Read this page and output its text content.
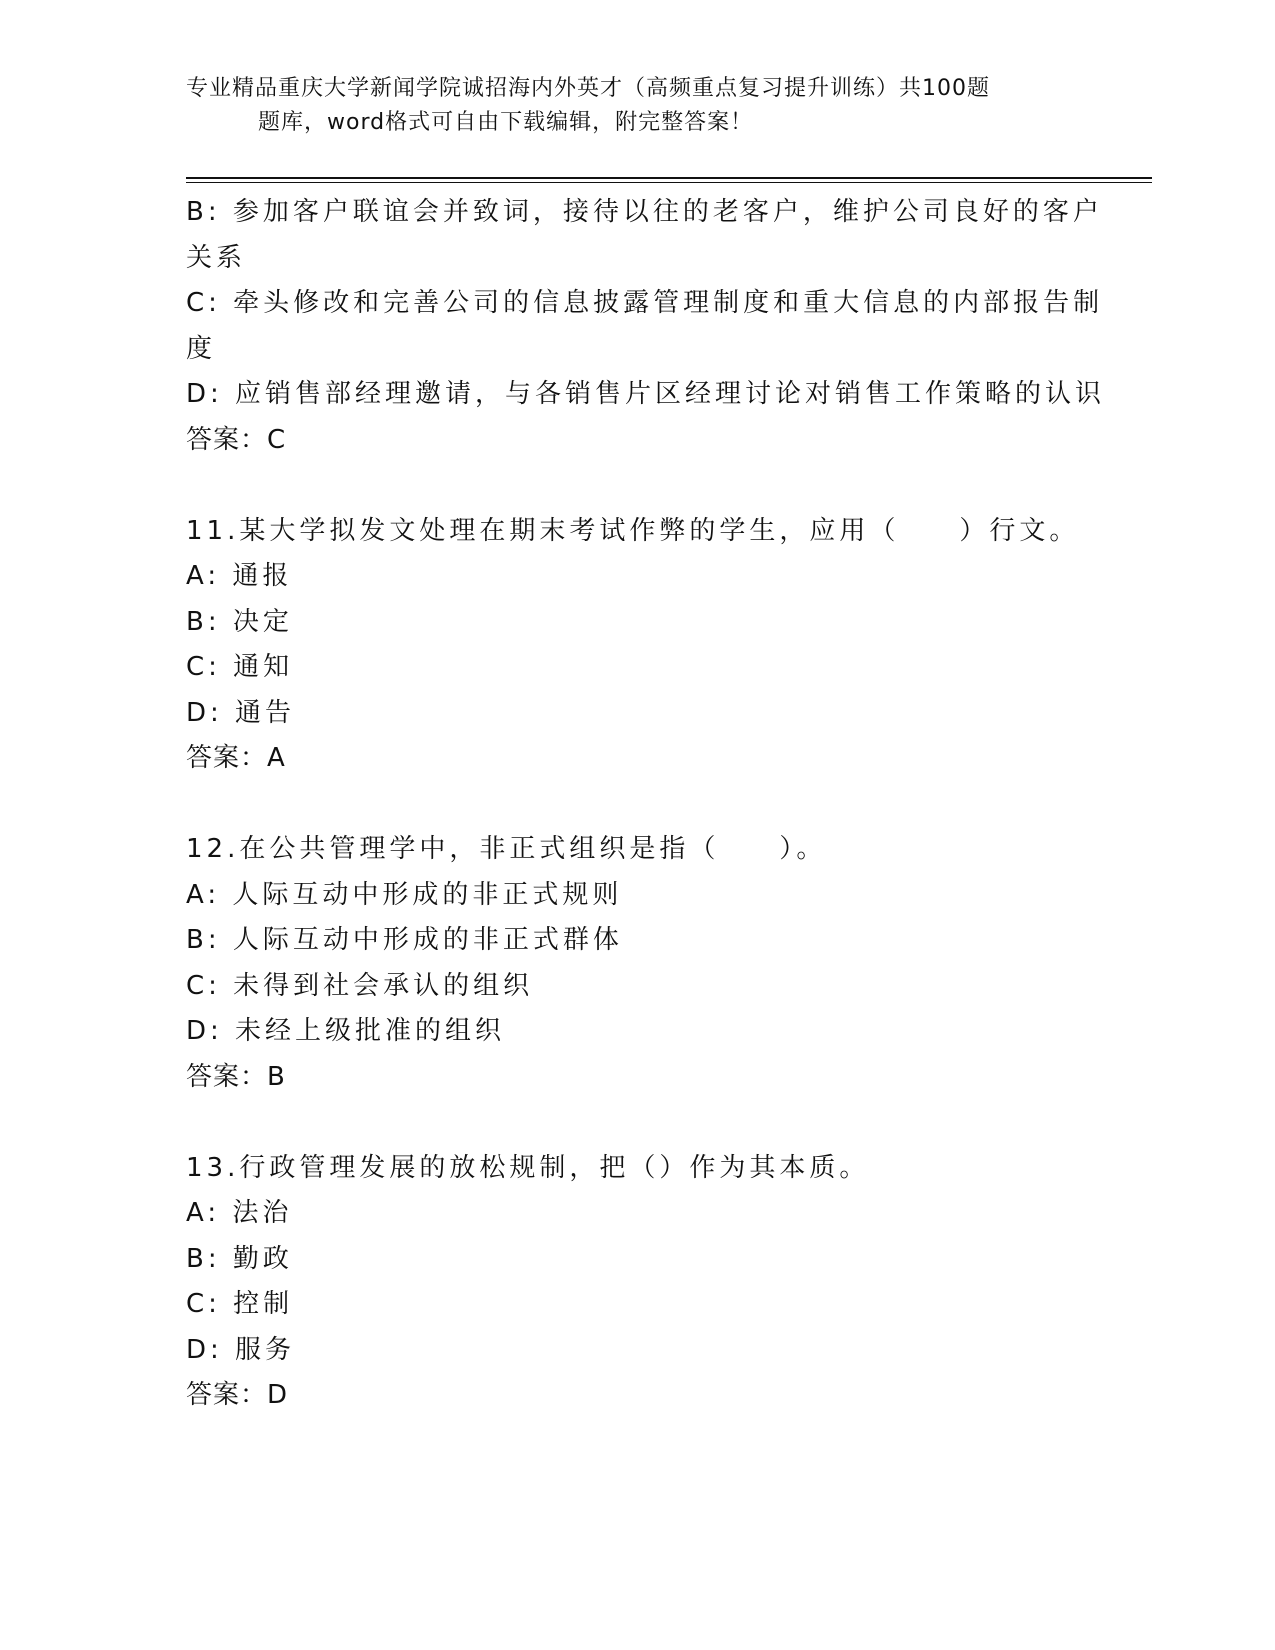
专业精品重庆大学新闻学院诚招海内外英才（高频重点复习提升训练）共100题
题库，word格式可自由下载编辑，附完整答案！
B: 参加客户联谊会并致词，接待以往的老客户，维护公司良好的客户
关系
C: 牵头修改和完善公司的信息披露管理制度和重大信息的内部报告制
度
D: 应销售部经理邀请，与各销售片区经理讨论对销售工作策略的认识
答案：C
11.某大学拟发文处理在期末考试作弊的学生，应用（　　）行文。
A: 通报
B: 决定
C: 通知
D: 通告
答案：A
12.在公共管理学中，非正式组织是指（　　）。
A: 人际互动中形成的非正式规则
B: 人际互动中形成的非正式群体
C: 未得到社会承认的组织
D: 未经上级批准的组织
答案：B
13.行政管理发展的放松规制，把（）作为其本质。
A: 法治
B: 勤政
C: 控制
D: 服务
答案：D
